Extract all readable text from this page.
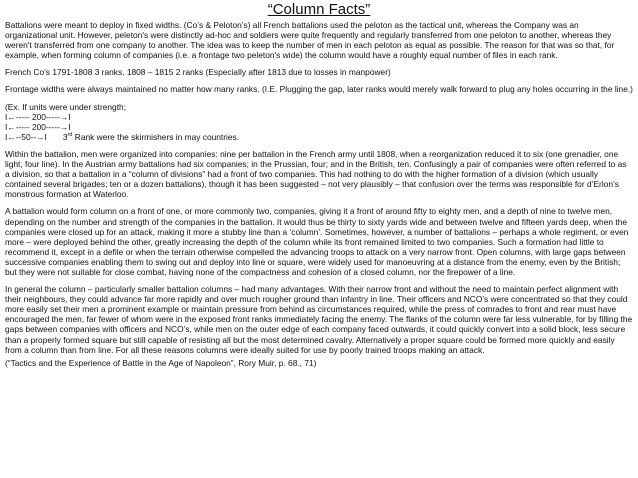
“Column Facts”

Battalions were meant to deploy in fixed widths. (Co’s & Peloton’s) all French battalions used the peloton as the tactical unit, whereas the Company was an organizational unit. However, peleton's were distinctly ad-hoc and soldiers were quite frequently and regularly transferred from one peloton to another, whereas they weren't transferred from one company to another. The idea was to keep the number of men in each peloton as equal as possible. The reason for that was so that, for example, when forming column of companies (i.e. a frontage two peleton's wide) the column would have a roughly equal number of files in each rank.

French Co’s 1791-1808 3 ranks, 1808 – 1815 2 ranks (Especially after 1813 due to losses in manpower)

Frontage widths were always maintained no matter how many ranks. (I.E. Plugging the gap, later ranks would merely walk forward to plug any holes occurring in the line.)

(Ex. If units were under strength;

I←----- 200-----→I
I←----- 200-----→I
I←--50--→I 3rd Rank were the skirmishers in may countries.

Within the battalion, men were organized into companies: nine per battalion in the French army until 1808, when a reorganization reduced it to six (one grenadier, one light, four line). In the Austrian army battalions had six companies; in the Prussian, four; and in the British, ten. Confusingly a pair of companies were often referred to as a division, so that a battalion in a “column of divisions” had a front of two companies. This had nothing to do with the higher formation of a division (which usually contained several brigades; ten or a dozen battalions), though it has been suggested – not very plausibly – that confusion over the terms was responsible for d’Erlon’s monstrous formation at Waterloo.

A battalion would form column on a front of one, or more commonly two, companies, giving it a front of around fifty to eighty men, and a depth of nine to twelve men, depending on the number and strength of the companies in the battalion. It would thus be thirty to sixty yards wide and between twelve and fifteen yards deep, when the companies were closed up for an attack, making it more a stubby line than a ‘column’. Sometimes, however, a number of battalions – perhaps a whole regiment, or even more – were deployed behind the other, greatly increasing the depth of the column while its front remained limited to two companies. Such a formation had little to recommend it, except in a defile or when the terrain otherwise compelled the advancing troops to attack on a very narrow front. Open columns, with large gaps between successive companies enabling them to swing out and deploy into line or square, were widely used for manoeuvring at a distance from the enemy, even by the British; but they were not suitable for close combat, having none of the compactness and cohesion of a closed column, nor the firepower of a line.

In general the column – particularly smaller battalion columns – had many advantages. With their narrow front and without the need to maintain perfect alignment with their neighbours, they could advance far more rapidly and over much rougher ground than infantry in line. Their officers and NCO’s were concentrated so that they could more easily set their men a prominent example or maintain pressure from behind as circumstances required, while the press of comrades to front and rear must have encouraged the men, far fewer of whom were in the exposed front ranks immediately facing the enemy. The flanks of the column were far less vulnerable, for by filling the gaps between companies with officers and NCO’s, while men on the outer edge of each company faced outwards, it could quickly convert into a solid block, less secure than a properly formed square but still capable of resisting all but the most determined cavalry. Alternatively a proper square could be formed more quickly and easily from a column than from line. For all these reasons columns were ideally suited for use by poorly trained troops making an attack.

(“Tactics and the Experience of Battle in the Age of Napoleon”, Rory Muir, p. 68., 71)
